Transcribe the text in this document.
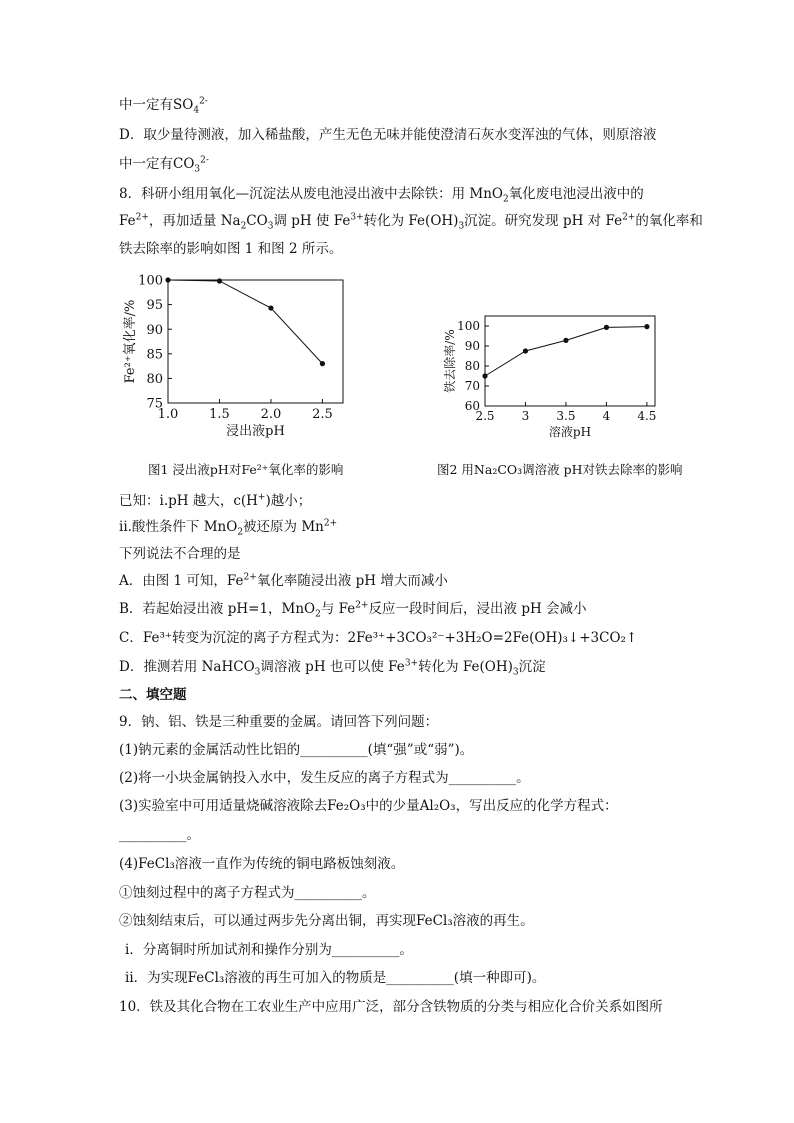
中一定有$SO_4^{2-}$
D．取少量待测液，加入稀盐酸，产生无色无味并能使澄清石灰水变浑浊的气体，则原溶液
中一定有$CO_3^{2-}$
8．科研小组用氧化—沉淀法从废电池浸出液中去除铁：用 MnO$_2$氧化废电池浸出液中的
$Fe^{2+}$，再加适量 $Na_2CO_3$调 pH 使 $Fe^{3+}$转化为 $Fe(OH)_3$沉淀。研究发现 pH 对 $Fe^{2+}$的氧化率和
铁去除率的影响如图 1 和图 2 所示。
1.0 1.5 2.0 2.5
75
80
85
90
95
100
浸出液pH
Fe²⁺氧化率/%
2.5 3 3.5 4 4.5
60
70
80
90
100
溶液pH
铁去除率/%
图1 浸出液pH对Fe²⁺氧化率的影响	图2 用Na₂CO₃调溶液 pH对铁去除率的影响
已知：i.pH 越大，c(H+)越小；
ii.酸性条件下 MnO$_2$被还原为 $Mn^{2+}$
下列说法不合理的是
A．由图 1 可知，$Fe^{2+}$氧化率随浸出液 pH 增大而减小
B．若起始浸出液 pH=1，MnO$_2$与 $Fe^{2+}$反应一段时间后，浸出液 pH 会减小
C．Fe³⁺转变为沉淀的离子方程式为：2Fe³⁺+3CO₃²⁻+3H₂O=2Fe(OH)₃↓+3CO₂↑
D．推测若用 NaHCO$_3$调溶液 pH 也可以使 $Fe^{3+}$转化为 $Fe(OH)_3$沉淀
二、填空题
9．钠、铝、铁是三种重要的金属。请回答下列问题：
(1)钠元素的金属活动性比铝的__________(填“强”或“弱”)。
(2)将一小块金属钠投入水中，发生反应的离子方程式为__________。
(3)实验室中可用适量烧碱溶液除去Fe₂O₃中的少量Al₂O₃，写出反应的化学方程式：
__________。
(4)FeCl₃溶液一直作为传统的铜电路板蚀刻液。
①蚀刻过程中的离子方程式为__________。
②蚀刻结束后，可以通过两步先分离出铜，再实现FeCl₃溶液的再生。
ⅰ．分离铜时所加试剂和操作分别为__________。
ⅱ．为实现FeCl₃溶液的再生可加入的物质是__________(填一种即可)。
10．铁及其化合物在工农业生产中应用广泛，部分含铁物质的分类与相应化合价关系如图所
